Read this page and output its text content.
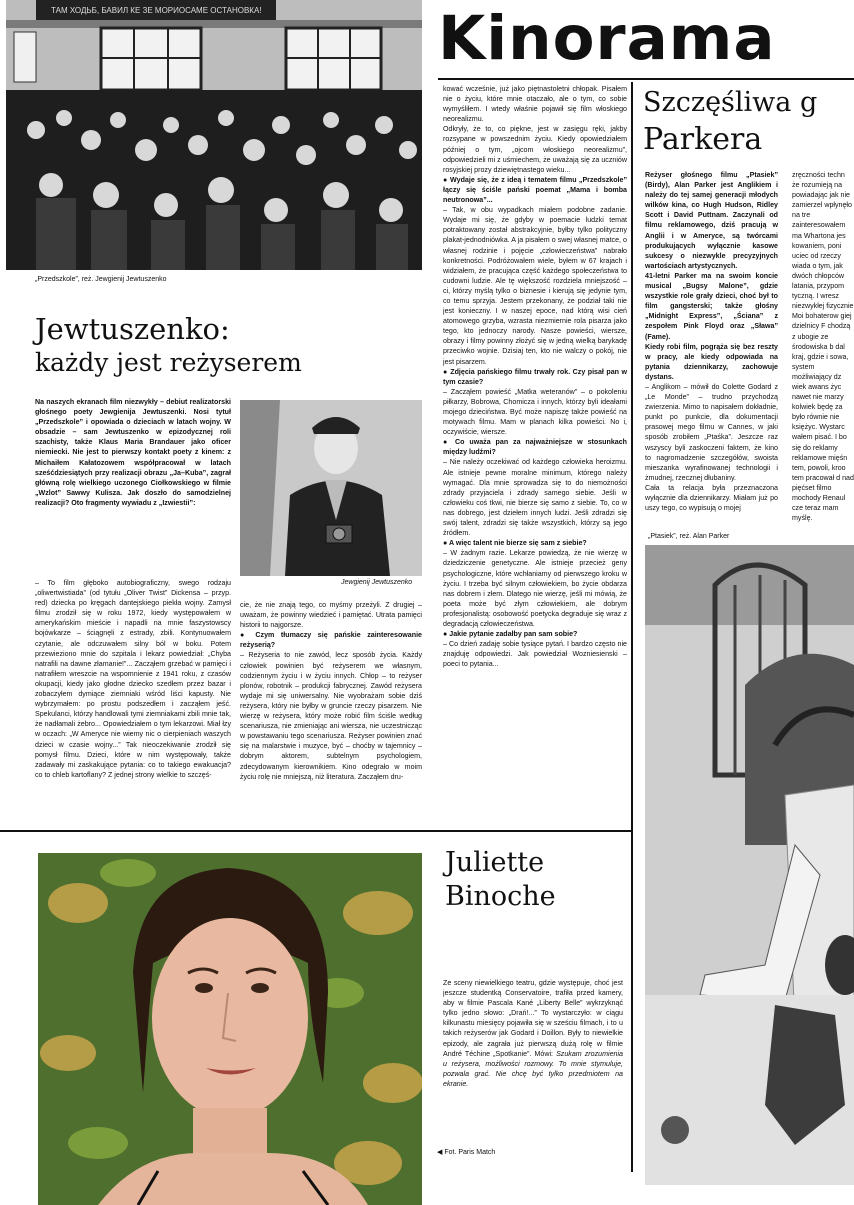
ТАМ ХОДЬБ, БАВИЛ КЕ ЗЕ МОРИОСАМЕ ОСТАНОВКА!
„Przedszkole”, reż. Jewgienij Jewtuszenko
Kinorama
Jewtuszenko:
każdy jest reżyserem

Na naszych ekranach film niezwykły – debiut realizatorski głośnego poety Jewgienija Jewtuszenki. Nosi tytuł „Przedszkole” i opowiada o dzieciach w latach wojny. W obsadzie – sam Jewtuszenko w epizodycznej roli szachisty, także Klaus Maria Brandauer jako oficer niemiecki. Nie jest to pierwszy kontakt poety z kinem: z Michaiłem Kałatozowem współpracował w latach sześćdziesiątych przy realizacji obrazu „Ja–Kuba”, zagrał główną rolę wielkiego uczonego Ciołkowskiego w filmie „Wzlot” Sawwy Kulisza. Jak doszło do samodzielnej realizacji? Oto fragmenty wywiadu z „Izwiestii”:

Jewgienij Jewtuszenko

– To film głęboko autobiograficzny, swego rodzaju „oliwertwistiada” (od tytułu „Oliver Twist” Dickensa – przyp. red) dziecka po kręgach dantejskiego piekła wojny. Zamysł filmu zrodził się w roku 1972, kiedy występowałem w amerykańskim mieście i napadli na mnie faszystowscy bojówkarze – ściągnęli z estrady, zbili. Kontynuowałem czytanie, ale odczuwałem silny ból w boku. Potem przewieziono mnie do szpitala i lekarz powiedział: „Chyba natrafili na dawne złamanie!”... Zacząłem grzebać w pamięci i natrafiłem wreszcie na wspomnienie z 1941 roku, z czasów okupacji, kiedy jako głodne dziecko szedłem przez bazar i zobaczyłem dymiące ziemniaki wśród liści kapusty. Nie wybrzymałem: po prostu podszedłem i zacząłem jeść. Spekulanci, którzy handlowali tymi ziemniakami zbili mnie tak, że nadłamali żebro... Opowiedziałem o tym lekarzowi. Miał łzy w oczach: „W Ameryce nie wiemy nic o cierpieniach waszych dzieci w czasie wojny...” Tak nieoczekiwanie zrodził się pomysł filmu. Dzieci, które w nim występowały, także zadawały mi zaskakujące pytania: co to takiego ewakuacja? co to chleb kartoflany? Z jednej strony wielkie to szczęś-

cie, że nie znają tego, co myśmy przeżyli. Z drugiej – uważam, że powinny wiedzieć i pamiętać. Utrata pamięci historii to najgorsze.

● Czym tłumaczy się pańskie zainteresowanie reżyserią?

– Reżyseria to nie zawód, lecz sposób życia. Każdy człowiek powinien być reżyserem we własnym, codziennym życiu i w życiu innych. Chłop – to reżyser plonów, robotnik – produkcji fabrycznej. Zawód reżysera wydaje mi się uniwersalny. Nie wyobrażam sobie dziś reżysera, który nie byłby w gruncie rzeczy pisarzem. Nie wierzę w reżysera, który może robić film ściśle według scenariusza, nie zmieniając ani wiersza, nie uczestnicząc w powstawaniu tego scenariusza. Reżyser powinien znać się na malarstwie i muzyce, być – choćby w tajemnicy – dobrym aktorem, subtelnym psychologiem, zdecydowanym kierownikiem. Kino odegrało w moim życiu rolę nie mniejszą, niż literatura. Zacząłem dru-

kować wcześnie, już jako piętnastoletni chłopak. Pisałem nie o życiu, które mnie otaczało, ale o tym, co sobie wymyśliłem. I wtedy właśnie pojawił się film włoskiego neorealizmu.

Odkryły, że to, co piękne, jest w zasięgu ręki, jakby rozsypane w powszednim życiu. Kiedy opowiedziałem później o tym, „ojcom włoskiego neorealizmu”, odpowiedzieli mi z uśmiechem, że uważają się za uczniów rosyjskiej prozy dziewiętnastego wieku...

● Wydaje się, że z ideą i tematem filmu „Przedszkole” łączy się ściśle pański poemat „Mama i bomba neutronowa”...

– Tak, w obu wypadkach miałem podobne zadanie. Wydaje mi się, że gdyby w poemacie ludzki temat potraktowany został abstrakcyjnie, byłby tylko polityczny plakat-jednodniówka. A ja pisałem o swej własnej matce, o własnej rodzinie i pojęcie „człowieczeństwa” nabrało konkretności. Podróżowałem wiele, byłem w 67 krajach i widziałem, że pracująca część każdego społeczeństwa to cudowni ludzie. Ale tę większość rozdziela mniejszość – ci, którzy myślą tylko o biznesie i kierują się jedynie tym, co temu sprzyja. Jestem przekonany, że podział taki nie jest konieczny. I w naszej epoce, nad którą wisi cień atomowego grzyba, wzrasta niezmiernie rola pisarza jako tego, kto jednoczy narody. Nasze powieści, wiersze, obrazy i filmy powinny złożyć się w jedną wielką barykadę przeciwko wojnie. Dzisiaj ten, kto nie walczy o pokój, nie jest pisarzem.

● Zdjęcia pańskiego filmu trwały rok. Czy pisał pan w tym czasie?

– Zacząłem powieść „Matka weteranów” – o pokoleniu piłkarzy, Bobrowa, Chomicza i innych, którzy byli ideałami mojego dzieciństwa. Być może napiszę także powieść na motywach filmu. Mam w planach kilka powieści. No i, oczywiście, wiersze.

● Co uważa pan za najważniejsze w stosunkach między ludźmi?

– Nie należy oczekiwać od każdego człowieka heroizmu. Ale istnieje pewne moralne minimum, którego należy wymagać. Dla mnie sprowadza się to do niemożności zdrady przyjaciela i zdrady samego siebie. Jeśli w człowieku coś tkwi, nie bierze się samo z siebie. To, co w nas dobrego, jest dziełem innych ludzi. Jeśli zdradzi się swój talent, zdradzi się także wszystkich, którzy są jego źródłem.

● A więc talent nie bierze się sam z siebie?

– W żadnym razie. Lekarze powiedzą, że nie wierzę w dziedziczenie genetyczne. Ale istnieje przecież geny psychologiczne, które wchłaniamy od pierwszego kroku w życiu. I trzeba być silnym człowiekiem, bo życie obdarza nas dobrem i złem. Dlatego nie wierzę, jeśli mi mówią, że poeta może być złym człowiekiem, ale dobrym profesjonalistą: osobowość poetycka degraduje się wraz z degradacją człowieczeństwa.

● Jakie pytanie zadałby pan sam sobie?

– Co dzień zadaję sobie tysiące pytań. I bardzo często nie znajduję odpowiedzi. Jak powiedział Wozniesienski – poeci to pytania...

Szczęśliwa g
Parkera

Reżyser głośnego filmu „Ptasiek” (Birdy), Alan Parker jest Anglikiem i należy do tej samej generacji młodych wilków kina, co Hugh Hudson, Ridley Scott i David Puttnam. Zaczynali od filmu reklamowego, dziś pracują w Anglii i w Ameryce, są twórcami produkujących wyłącznie kasowe sukcesy o niezwykle precyzyjnych wartościach artystycznych.

41-letni Parker ma na swoim koncie musical „Bugsy Malone”, gdzie wszystkie role grały dzieci, choć był to film gangsterski; także głośny „Midnight Express”, „Ściana” z zespołem Pink Floyd oraz „Sława” (Fame).

Kiedy robi film, pogrąża się bez reszty w pracy, ale kiedy odpowiada na pytania dziennikarzy, zachowuje dystans.

– Anglikom – mówił do Colette Godard z „Le Monde” – trudno przychodzą zwierzenia. Mimo to napisałem dokładnie, punkt po punkcie, dla dokumentacji prasowej mego filmu w Cannes, w jaki sposób zrobiłem „Ptaśka”. Jeszcze raz wszyscy byli zaskoczeni faktem, że kino to nagromadzenie szczegółów, swoista mieszanka wyrafinowanej technologii i żmudnej, rzecznej dłubaniny.

Cała ta relacja była przeznaczona wyłącznie dla dziennikarzy. Miałam już po uszy tego, co wypisują o mojej

zręczności techn że rozumieją na powiadając jak nie zamierzel wpłynęło na tre zainteresowałem ma Whartona jes kowaniem, poni uciec od rzeczy wiada o tym, jak dwóch chłopców latania, przypom tyczną. I wresz niezwykłej fizycznie Moi bohaterow giej dzielnicy F chodzą z ubogie ze środowiska b dal kraj, gdzie i sowa, system możliwiający dz wiek awans życ nawet nie marzy kolwiek będę za było równie nie księżyc. Wystarc wałem pisać. I bo się do reklamy reklamowe mięśn tem, powoli, kroo tem pracował d nad pięćset filmo mochody Renaul cze teraz mam myślę.

„Ptasiek”, reż. Alan Parker
Juliette
Binoche

Ze sceny niewielkiego teatru, gdzie występuje, choć jest jeszcze studentką Conservatoire, trafiła przed kamery, aby w filmie Pascala Kané „Liberty Belle” wykrzyknąć tylko jedno słowo: „Drań!...” To wystarczyło: w ciągu kilkunastu miesięcy pojawiła się w sześciu filmach, i to u takich reżyserów jak Godard i Doillon. Były to niewielkie epizody, ale zagrała już pierwszą dużą rolę w filmie André Téchine „Spotkanie”. Mówi: Szukam zrozumienia u reżysera, możliwości rozmowy. To mnie stymuluje, pozwala grać. Nie chcę być tylko przedmiotem na ekranie.

◀ Fot. Paris Match
